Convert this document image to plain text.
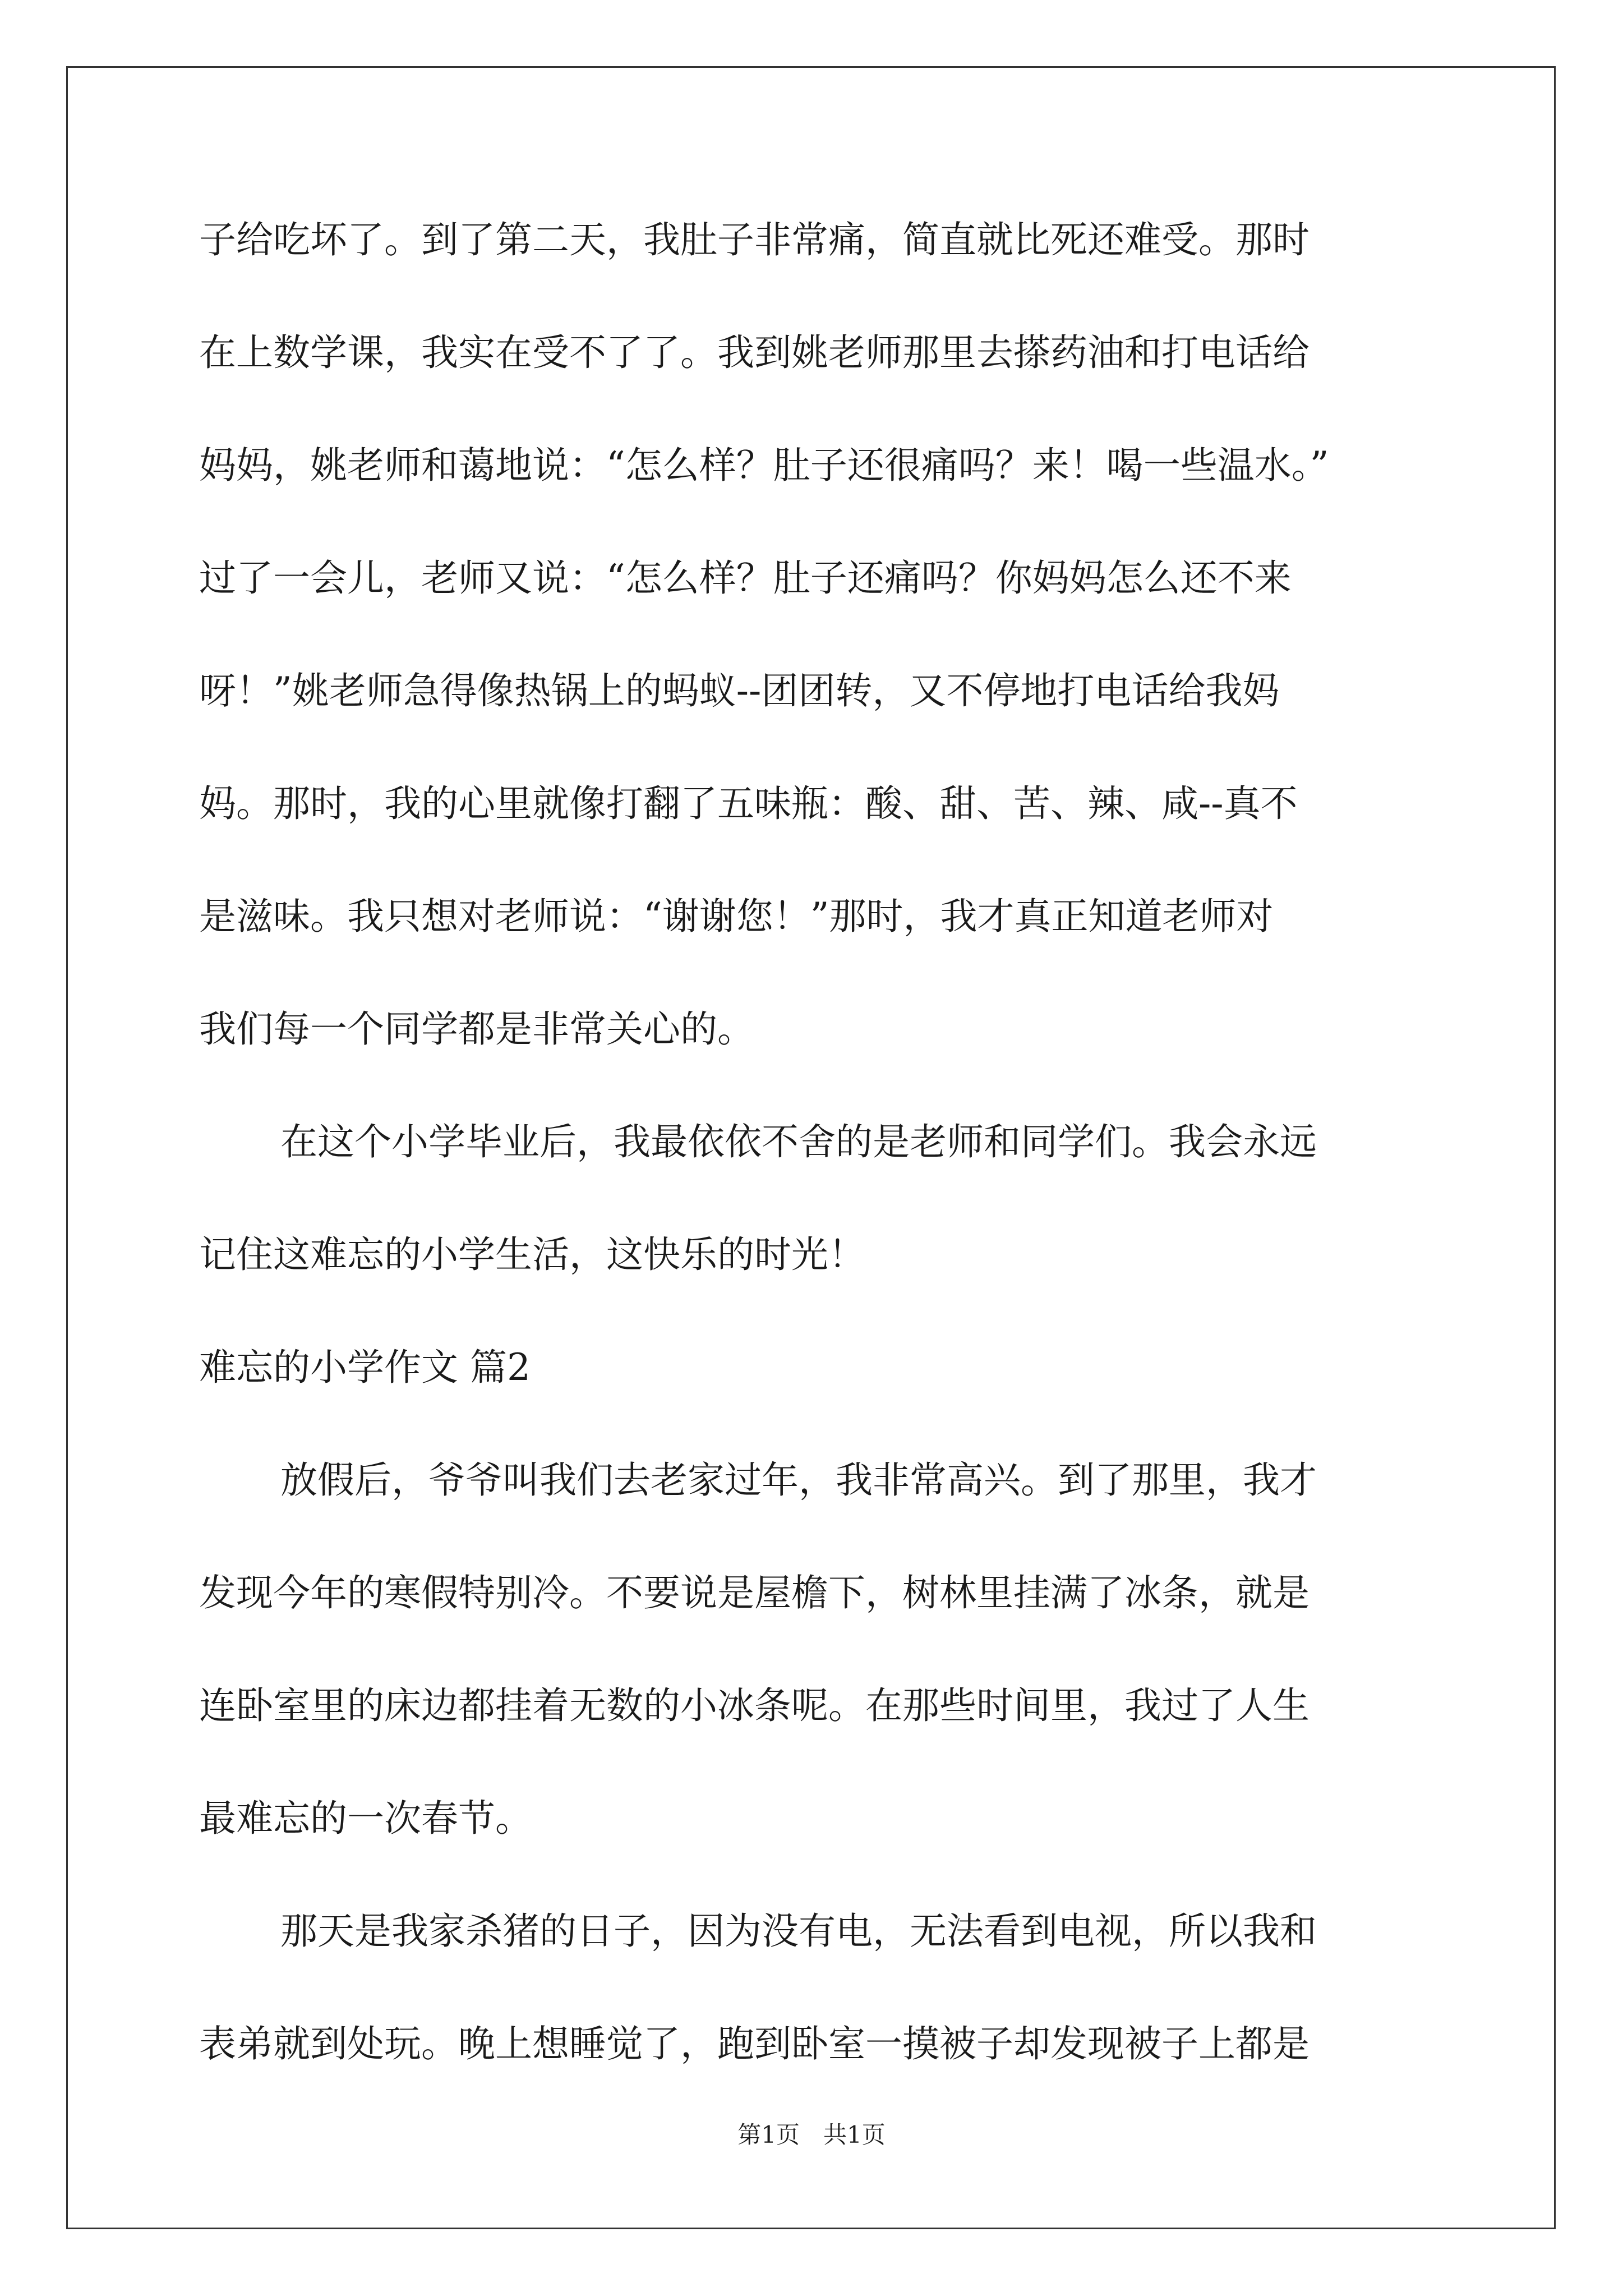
子给吃坏了。到了第二天，我肚子非常痛，简直就比死还难受。那时
在上数学课，我实在受不了了。我到姚老师那里去搽药油和打电话给
妈妈，姚老师和蔼地说：“怎么样？肚子还很痛吗？来！喝一些温水。”
过了一会儿，老师又说：“怎么样？肚子还痛吗？你妈妈怎么还不来
呀！”姚老师急得像热锅上的蚂蚁--团团转，又不停地打电话给我妈
妈。那时，我的心里就像打翻了五味瓶：酸、甜、苦、辣、咸--真不
是滋味。我只想对老师说：“谢谢您！”那时，我才真正知道老师对
我们每一个同学都是非常关心的。
在这个小学毕业后，我最依依不舍的是老师和同学们。我会永远
记住这难忘的小学生活，这快乐的时光！
难忘的小学作文 篇2
放假后，爷爷叫我们去老家过年，我非常高兴。到了那里，我才
发现今年的寒假特别冷。不要说是屋檐下，树林里挂满了冰条，就是
连卧室里的床边都挂着无数的小冰条呢。在那些时间里，我过了人生
最难忘的一次春节。
那天是我家杀猪的日子，因为没有电，无法看到电视，所以我和
表弟就到处玩。晚上想睡觉了，跑到卧室一摸被子却发现被子上都是
第1页　共1页
